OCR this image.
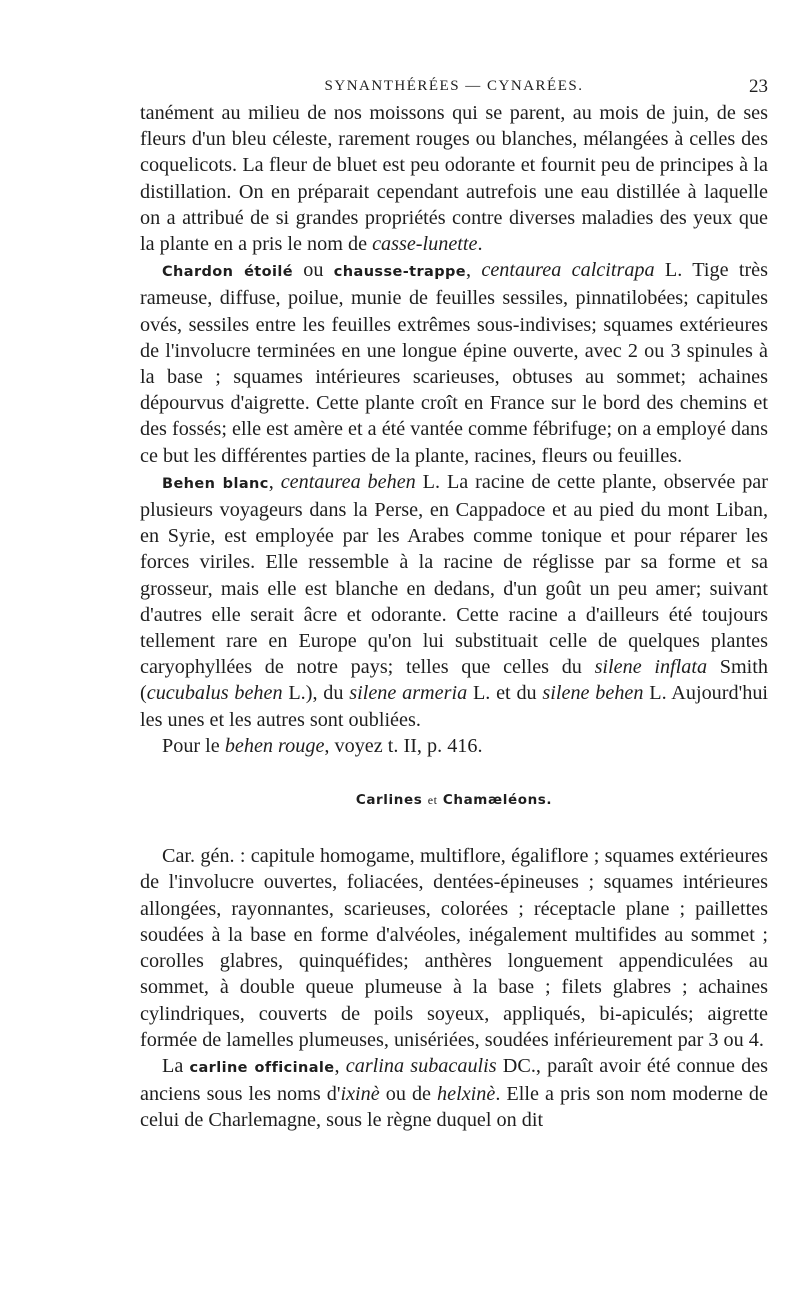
SYNANTHÉRÉES — CYNARÉES.	23

tanément au milieu de nos moissons qui se parent, au mois de juin, de ses fleurs d'un bleu céleste, rarement rouges ou blanches, mélangées à celles des coquelicots. La fleur de bluet est peu odorante et fournit peu de principes à la distillation. On en préparait cependant autrefois une eau distillée à laquelle on a attribué de si grandes propriétés contre diverses maladies des yeux que la plante en a pris le nom de casse-lunette.

Chardon étoilé ou chausse-trappe, centaurea calcitrapa L. Tige très rameuse, diffuse, poilue, munie de feuilles sessiles, pinnatilobées; capitules ovés, sessiles entre les feuilles extrêmes sous-indivises; squames extérieures de l'involucre terminées en une longue épine ouverte, avec 2 ou 3 spinules à la base ; squames intérieures scarieuses, obtuses au sommet; achaines dépourvus d'aigrette. Cette plante croît en France sur le bord des chemins et des fossés; elle est amère et a été vantée comme fébrifuge; on a employé dans ce but les différentes parties de la plante, racines, fleurs ou feuilles.

Behen blanc, centaurea behen L. La racine de cette plante, observée par plusieurs voyageurs dans la Perse, en Cappadoce et au pied du mont Liban, en Syrie, est employée par les Arabes comme tonique et pour réparer les forces viriles. Elle ressemble à la racine de réglisse par sa forme et sa grosseur, mais elle est blanche en dedans, d'un goût un peu amer; suivant d'autres elle serait âcre et odorante. Cette racine a d'ailleurs été toujours tellement rare en Europe qu'on lui substituait celle de quelques plantes caryophyllées de notre pays; telles que celles du silene inflata Smith (cucubalus behen L.), du silene armeria L. et du silene behen L. Aujourd'hui les unes et les autres sont oubliées.

Pour le behen rouge, voyez t. II, p. 416.

Carlines et Chamæléons.

Car. gén. : capitule homogame, multiflore, égaliflore ; squames extérieures de l'involucre ouvertes, foliacées, dentées-épineuses ; squames intérieures allongées, rayonnantes, scarieuses, colorées ; réceptacle plane ; paillettes soudées à la base en forme d'alvéoles, inégalement multifides au sommet ; corolles glabres, quinquéfides; anthères longuement appendiculées au sommet, à double queue plumeuse à la base ; filets glabres ; achaines cylindriques, couverts de poils soyeux, appliqués, bi-apiculés; aigrette formée de lamelles plumeuses, unisériées, soudées inférieurement par 3 ou 4.

La carline officinale, carlina subacaulis DC., paraît avoir été connue des anciens sous les noms d'ixinè ou de helxinè. Elle a pris son nom moderne de celui de Charlemagne, sous le règne duquel on dit
